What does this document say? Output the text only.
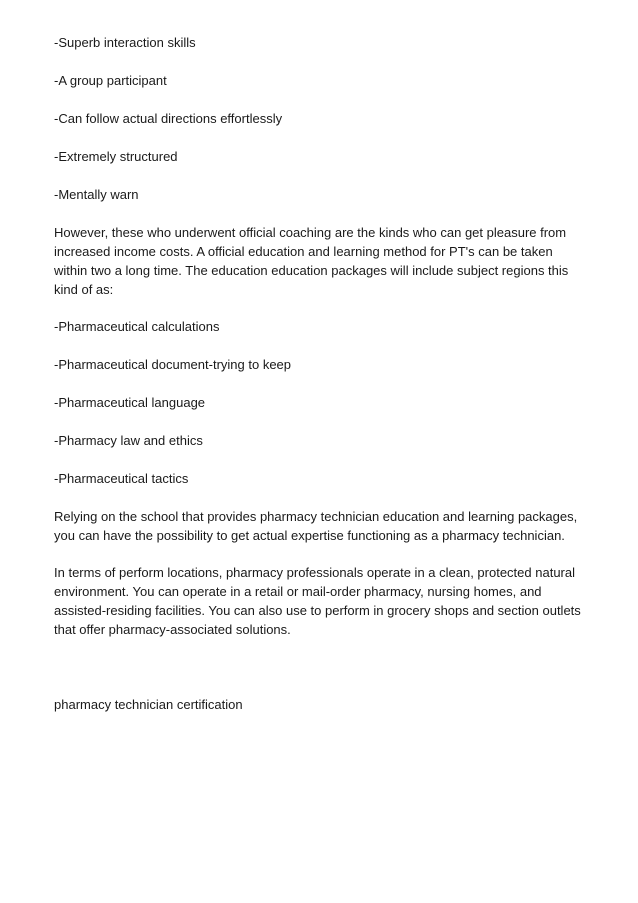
-Superb interaction skills

-A group participant

-Can follow actual directions effortlessly

-Extremely structured

-Mentally warn

However, these who underwent official coaching are the kinds who can get pleasure from

increased income costs. A official education and learning method for PT's can be taken

within two a long time. The education education packages will include subject regions this

kind of as:

-Pharmaceutical calculations

-Pharmaceutical document-trying to keep

-Pharmaceutical language

-Pharmacy law and ethics

-Pharmaceutical tactics

Relying on the school that provides pharmacy technician education and learning packages,

you can have the possibility to get actual expertise functioning as a pharmacy technician.

In terms of perform locations, pharmacy professionals operate in a clean, protected natural

environment. You can operate in a retail or mail-order pharmacy, nursing homes, and

assisted-residing facilities. You can also use to perform in grocery shops and section outlets

that offer pharmacy-associated solutions.

pharmacy technician certification
